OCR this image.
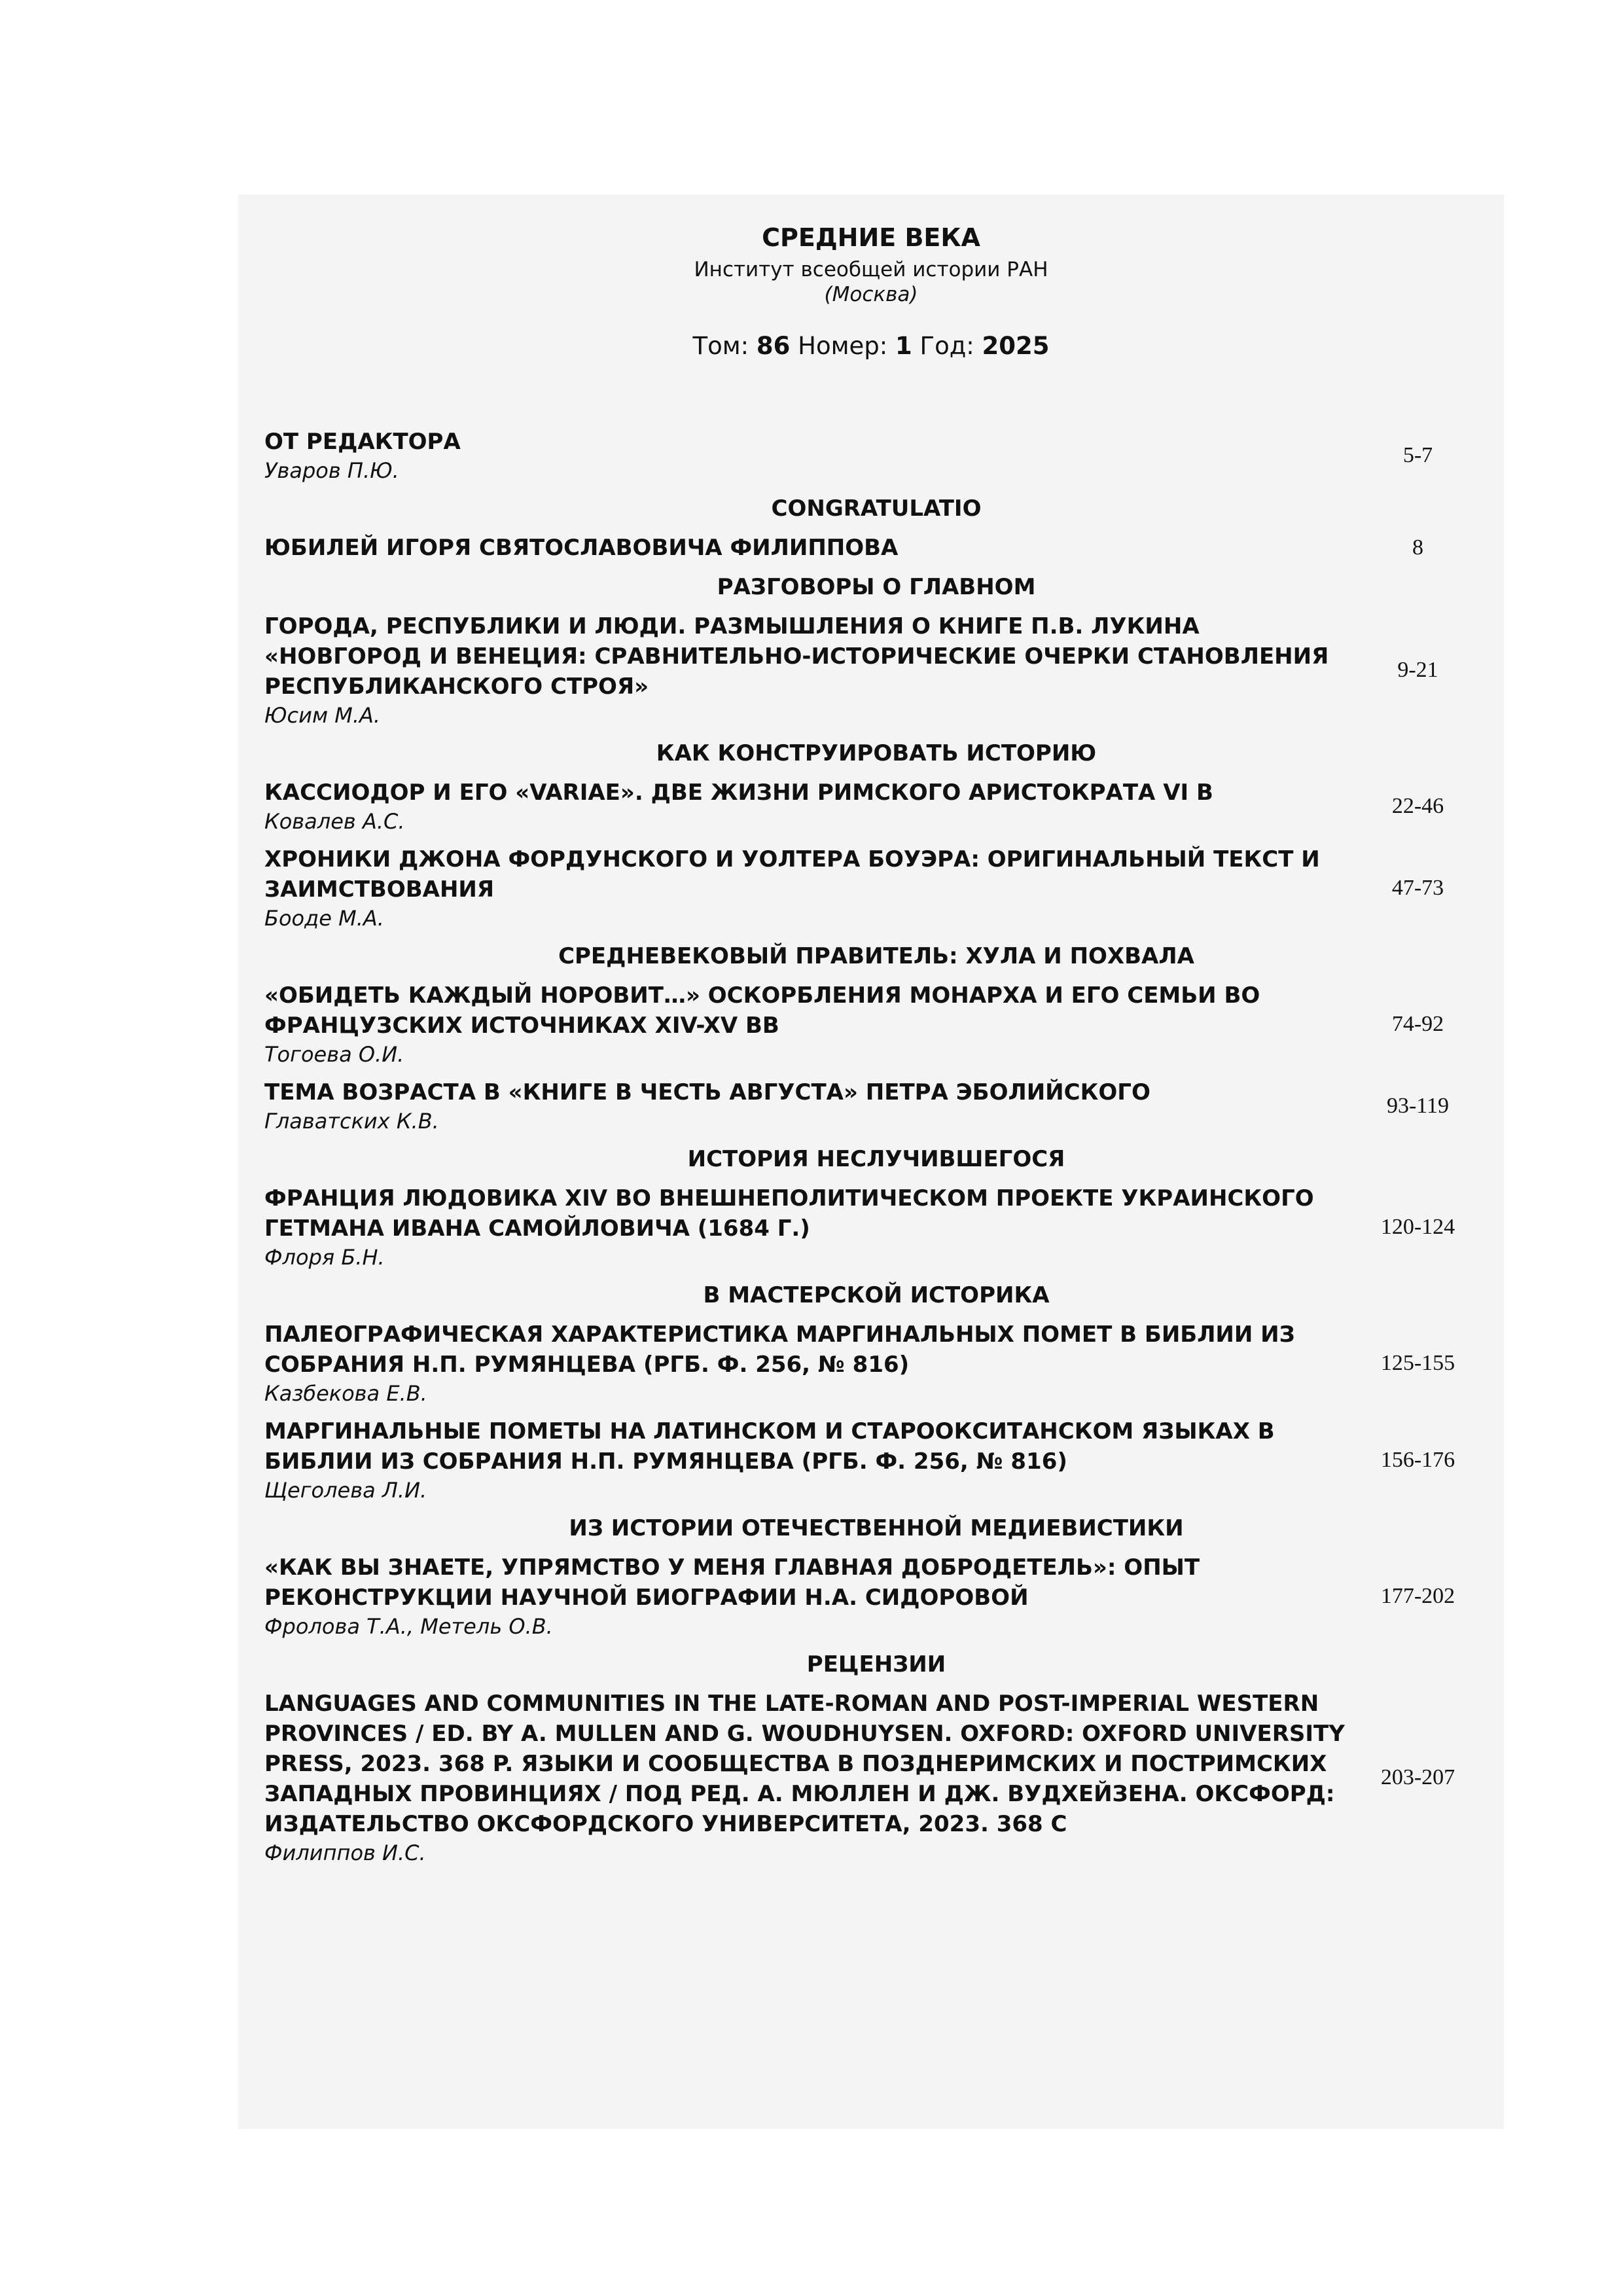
СРЕДНИЕ ВЕКА
Институт всеобщей истории РАН
(Москва)
Том: 86 Номер: 1 Год: 2025
ОТ РЕДАКТОРА
Уваров П.Ю.
5-7
CONGRATULATIO
ЮБИЛЕЙ ИГОРЯ СВЯТОСЛАВОВИЧА ФИЛИППОВА	8
РАЗГОВОРЫ О ГЛАВНОМ
ГОРОДА, РЕСПУБЛИКИ И ЛЮДИ. РАЗМЫШЛЕНИЯ О КНИГЕ П.В. ЛУКИНА «НОВГОРОД И ВЕНЕЦИЯ: СРАВНИТЕЛЬНО-ИСТОРИЧЕСКИЕ ОЧЕРКИ СТАНОВЛЕНИЯ РЕСПУБЛИКАНСКОГО СТРОЯ»
Юсим М.А.
9-21
КАК КОНСТРУИРОВАТЬ ИСТОРИЮ
КАССИОДОР И ЕГО «VARIAE». ДВЕ ЖИЗНИ РИМСКОГО АРИСТОКРАТА VI В
Ковалев А.С.
22-46
ХРОНИКИ ДЖОНА ФОРДУНСКОГО И УОЛТЕРА БОУЭРА: ОРИГИНАЛЬНЫЙ ТЕКСТ И ЗАИМСТВОВАНИЯ
Бооде М.А.
47-73
СРЕДНЕВЕКОВЫЙ ПРАВИТЕЛЬ: ХУЛА И ПОХВАЛА
«ОБИДЕТЬ КАЖДЫЙ НОРОВИТ…» ОСКОРБЛЕНИЯ МОНАРХА И ЕГО СЕМЬИ ВО ФРАНЦУЗСКИХ ИСТОЧНИКАХ XIV-XV ВВ
Тогоева О.И.
74-92
ТЕМА ВОЗРАСТА В «КНИГЕ В ЧЕСТЬ АВГУСТА» ПЕТРА ЭБОЛИЙСКОГО
Главатских К.В.
93-119
ИСТОРИЯ НЕСЛУЧИВШЕГОСЯ
ФРАНЦИЯ ЛЮДОВИКА XIV ВО ВНЕШНЕПОЛИТИЧЕСКОМ ПРОЕКТЕ УКРАИНСКОГО ГЕТМАНА ИВАНА САМОЙЛОВИЧА (1684 Г.)
Флоря Б.Н.
120-124
В МАСТЕРСКОЙ ИСТОРИКА
ПАЛЕОГРАФИЧЕСКАЯ ХАРАКТЕРИСТИКА МАРГИНАЛЬНЫХ ПОМЕТ В БИБЛИИ ИЗ СОБРАНИЯ Н.П. РУМЯНЦЕВА (РГБ. Ф. 256, № 816)
Казбекова Е.В.
125-155
МАРГИНАЛЬНЫЕ ПОМЕТЫ НА ЛАТИНСКОМ И СТАРООКСИТАНСКОМ ЯЗЫКАХ В БИБЛИИ ИЗ СОБРАНИЯ Н.П. РУМЯНЦЕВА (РГБ. Ф. 256, № 816)
Щеголева Л.И.
156-176
ИЗ ИСТОРИИ ОТЕЧЕСТВЕННОЙ МЕДИЕВИСТИКИ
«КАК ВЫ ЗНАЕТЕ, УПРЯМСТВО У МЕНЯ ГЛАВНАЯ ДОБРОДЕТЕЛЬ»: ОПЫТ РЕКОНСТРУКЦИИ НАУЧНОЙ БИОГРАФИИ Н.А. СИДОРОВОЙ
Фролова Т.А., Метель О.В.
177-202
РЕЦЕНЗИИ
LANGUAGES AND COMMUNITIES IN THE LATE-ROMAN AND POST-IMPERIAL WESTERN PROVINCES / ED. BY A. MULLEN AND G. WOUDHUYSEN. OXFORD: OXFORD UNIVERSITY PRESS, 2023. 368 P. ЯЗЫКИ И СООБЩЕСТВА В ПОЗДНЕРИМСКИХ И ПОСТРИМСКИХ ЗАПАДНЫХ ПРОВИНЦИЯХ / ПОД РЕД. А. МЮЛЛЕН И ДЖ. ВУДХЕЙЗЕНА. ОКСФОРД: ИЗДАТЕЛЬСТВО ОКСФОРДСКОГО УНИВЕРСИТЕТА, 2023. 368 С
Филиппов И.С.
203-207
